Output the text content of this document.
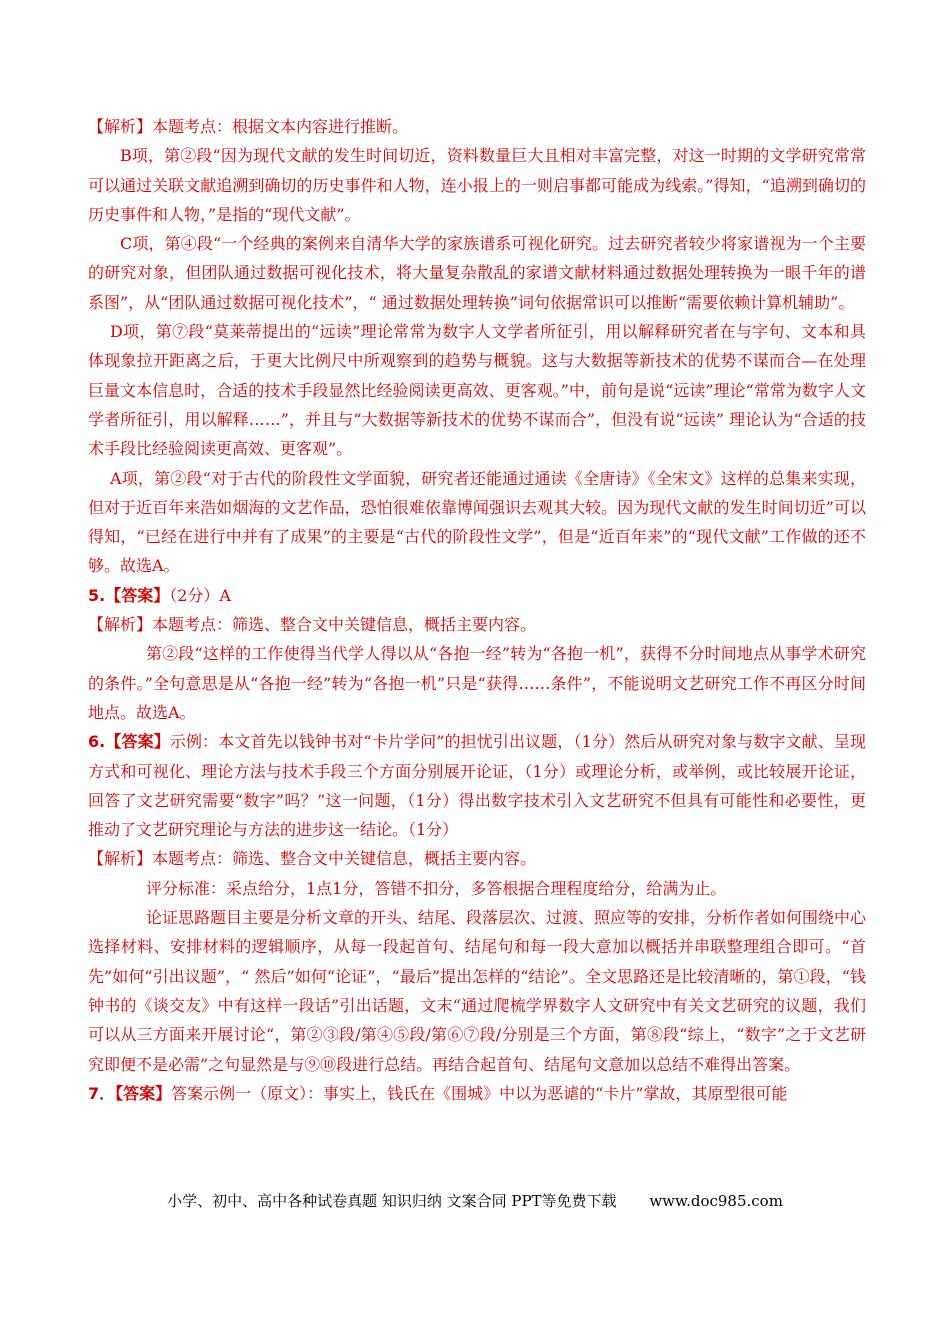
【解析】本题考点：根据文本内容进行推断。

B项，第②段“因为现代文献的发生时间切近，资料数量巨大且相对丰富完整，对这一时期的文学研究常常可以通过关联文献追溯到确切的历史事件和人物，连小报上的一则启事都可能成为线索。”得知，“追溯到确切的历史事件和人物，”是指的“现代文献”。

C项，第④段“一个经典的案例来自清华大学的家族谱系可视化研究。过去研究者较少将家谱视为一个主要的研究对象，但团队通过数据可视化技术，将大量复杂散乱的家谱文献材料通过数据处理转换为一眼千年的谱系图”，从“团队通过数据可视化技术”，“ 通过数据处理转换”词句依据常识可以推断“需要依赖计算机辅助”。

D项，第⑦段“莫莱蒂提出的“远读”理论常常为数字人文学者所征引，用以解释研究者在与字句、文本和具体现象拉开距离之后，于更大比例尺中所观察到的趋势与概貌。这与大数据等新技术的优势不谋而合—在处理巨量文本信息时，合适的技术手段显然比经验阅读更高效、更客观。”中，前句是说“远读”理论“常常为数字人文学者所征引，用以解释……”，并且与“大数据等新技术的优势不谋而合”，但没有说“远读” 理论认为“合适的技术手段比经验阅读更高效、更客观”。

A项，第②段“对于古代的阶段性文学面貌，研究者还能通过通读《全唐诗》《全宋文》这样的总集来实现，但对于近百年来浩如烟海的文艺作品，恐怕很难依靠博闻强识去观其大较。因为现代文献的发生时间切近”可以得知，“已经在进行中并有了成果”的主要是“古代的阶段性文学”，但是“近百年来”的“现代文献”工作做的还不够。故选A。

5.【答案】（2分）A

【解析】本题考点：筛选、整合文中关键信息，概括主要内容。

第②段“这样的工作使得当代学人得以从“各抱一经”转为“各抱一机”，获得不分时间地点从事学术研究的条件。”全句意思是从“各抱一经”转为“各抱一机”只是“获得……条件”，不能说明文艺研究工作不再区分时间地点。故选A。

6.【答案】示例：本文首先以钱钟书对“卡片学问”的担忧引出议题，（1分）然后从研究对象与数字文献、呈现方式和可视化、理论方法与技术手段三个方面分别展开论证，（1分）或理论分析，或举例，或比较展开论证，回答了文艺研究需要“数字”吗？”这一问题，（1分）得出数字技术引入文艺研究不但具有可能性和必要性，更推动了文艺研究理论与方法的进步这一结论。（1分）

【解析】本题考点：筛选、整合文中关键信息，概括主要内容。

评分标准：采点给分，1点1分，答错不扣分，多答根据合理程度给分，给满为止。

论证思路题目主要是分析文章的开头、结尾、段落层次、过渡、照应等的安排，分析作者如何围绕中心选择材料、安排材料的逻辑顺序，从每一段起首句、结尾句和每一段大意加以概括并串联整理组合即可。“首先”如何“引出议题”，“ 然后”如何“论证”，“最后”提出怎样的“结论”。全文思路还是比较清晰的，第①段，“钱钟书的《谈交友》中有这样一段话”引出话题，文末“通过爬梳学界数字人文研究中有关文艺研究的议题，我们可以从三方面来开展讨论“，第②③段/第④⑤段/第⑥⑦段/分别是三个方面，第⑧段“综上，“数字”之于文艺研究即便不是必需”之句显然是与⑨⑩段进行总结。再结合起首句、结尾句文意加以总结不难得出答案。

7．【答案】答案示例一（原文）：事实上，钱氏在《围城》中以为恶谑的“卡片”掌故，其原型很可能

小学、初中、高中各种试卷真题 知识归纳 文案合同 PPT等免费下载 www.doc985.com
